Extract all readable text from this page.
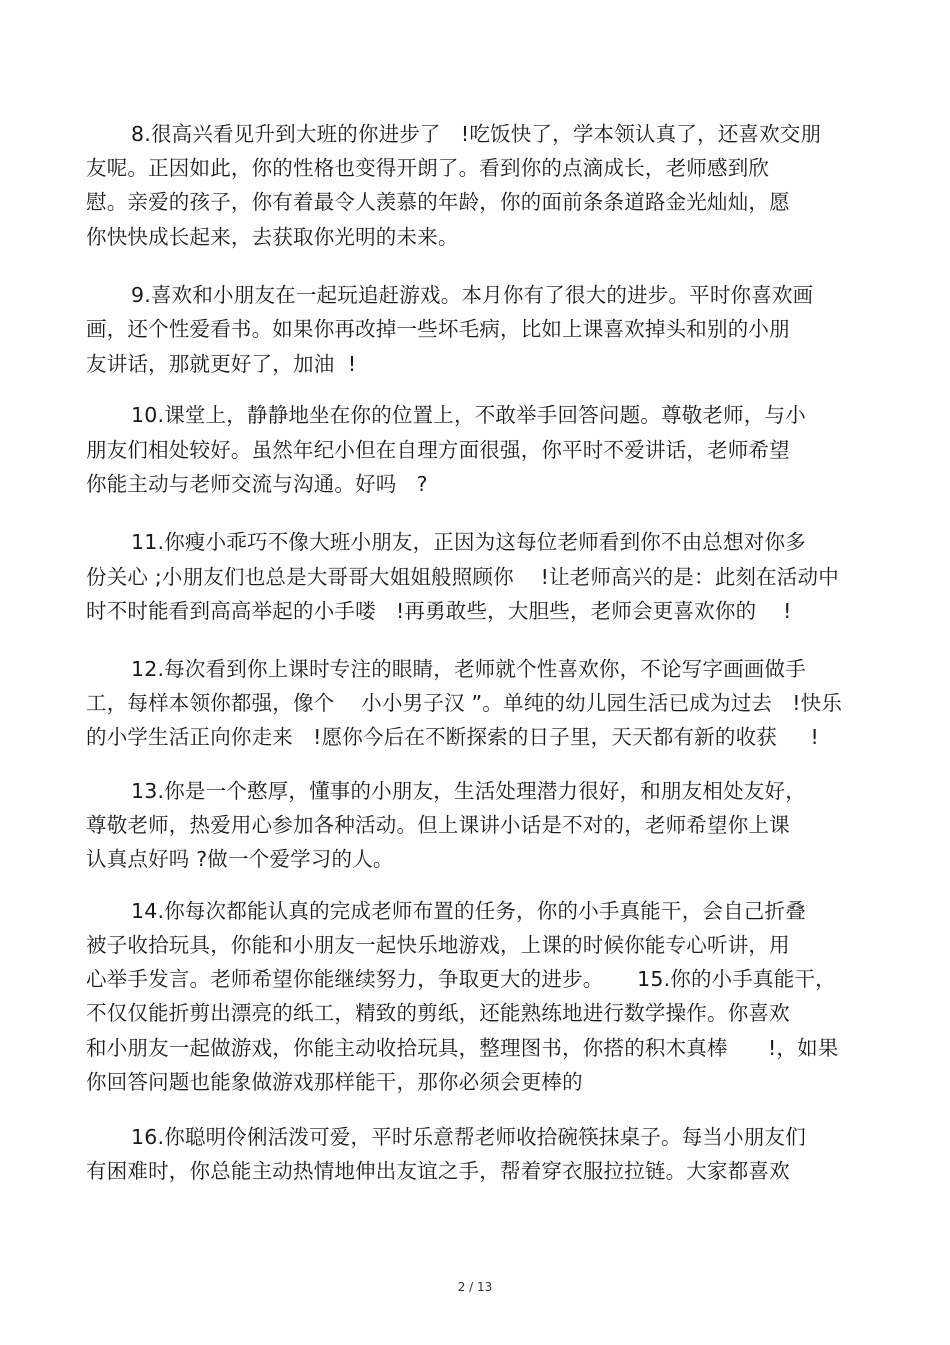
8.很高兴看见升到大班的你进步了   !吃饭快了，学本领认真了，还喜欢交朋
友呢。正因如此，你的性格也变得开朗了。看到你的点滴成长，老师感到欣
慰。亲爱的孩子，你有着最令人羡慕的年龄，你的面前条条道路金光灿灿，愿
你快快成长起来，去获取你光明的未来。
9.喜欢和小朋友在一起玩追赶游戏。本月你有了很大的进步。平时你喜欢画
画，还个性爱看书。如果你再改掉一些坏毛病，比如上课喜欢掉头和别的小朋
友讲话，那就更好了，加油  !
10.课堂上，静静地坐在你的位置上，不敢举手回答问题。尊敬老师，与小
朋友们相处较好。虽然年纪小但在自理方面很强，你平时不爱讲话，老师希望
你能主动与老师交流与沟通。好吗   ?
11.你瘦小乖巧不像大班小朋友，正因为这每位老师看到你不由总想对你多
份关心 ;小朋友们也总是大哥哥大姐姐般照顾你    !让老师高兴的是：此刻在活动中
时不时能看到高高举起的小手喽   !再勇敢些，大胆些，老师会更喜欢你的    !
12.每次看到你上课时专注的眼睛，老师就个性喜欢你，不论写字画画做手
工，每样本领你都强，像个    小小男子汉 ”。单纯的幼儿园生活已成为过去   !快乐
的小学生活正向你走来   !愿你今后在不断探索的日子里，天天都有新的收获     !
13.你是一个憨厚，懂事的小朋友，生活处理潜力很好，和朋友相处友好，
尊敬老师，热爱用心参加各种活动。但上课讲小话是不对的，老师希望你上课
认真点好吗 ?做一个爱学习的人。
14.你每次都能认真的完成老师布置的任务，你的小手真能干，会自己折叠
被子收拾玩具，你能和小朋友一起快乐地游戏，上课的时候你能专心听讲，用
心举手发言。老师希望你能继续努力，争取更大的进步。     15.你的小手真能干，
不仅仅能折剪出漂亮的纸工，精致的剪纸，还能熟练地进行数学操作。你喜欢
和小朋友一起做游戏，你能主动收拾玩具，整理图书，你搭的积木真棒      !，如果
你回答问题也能象做游戏那样能干，那你必须会更棒的
16.你聪明伶俐活泼可爱，平时乐意帮老师收拾碗筷抹桌子。每当小朋友们
有困难时，你总能主动热情地伸出友谊之手，帮着穿衣服拉拉链。大家都喜欢
2 / 13
